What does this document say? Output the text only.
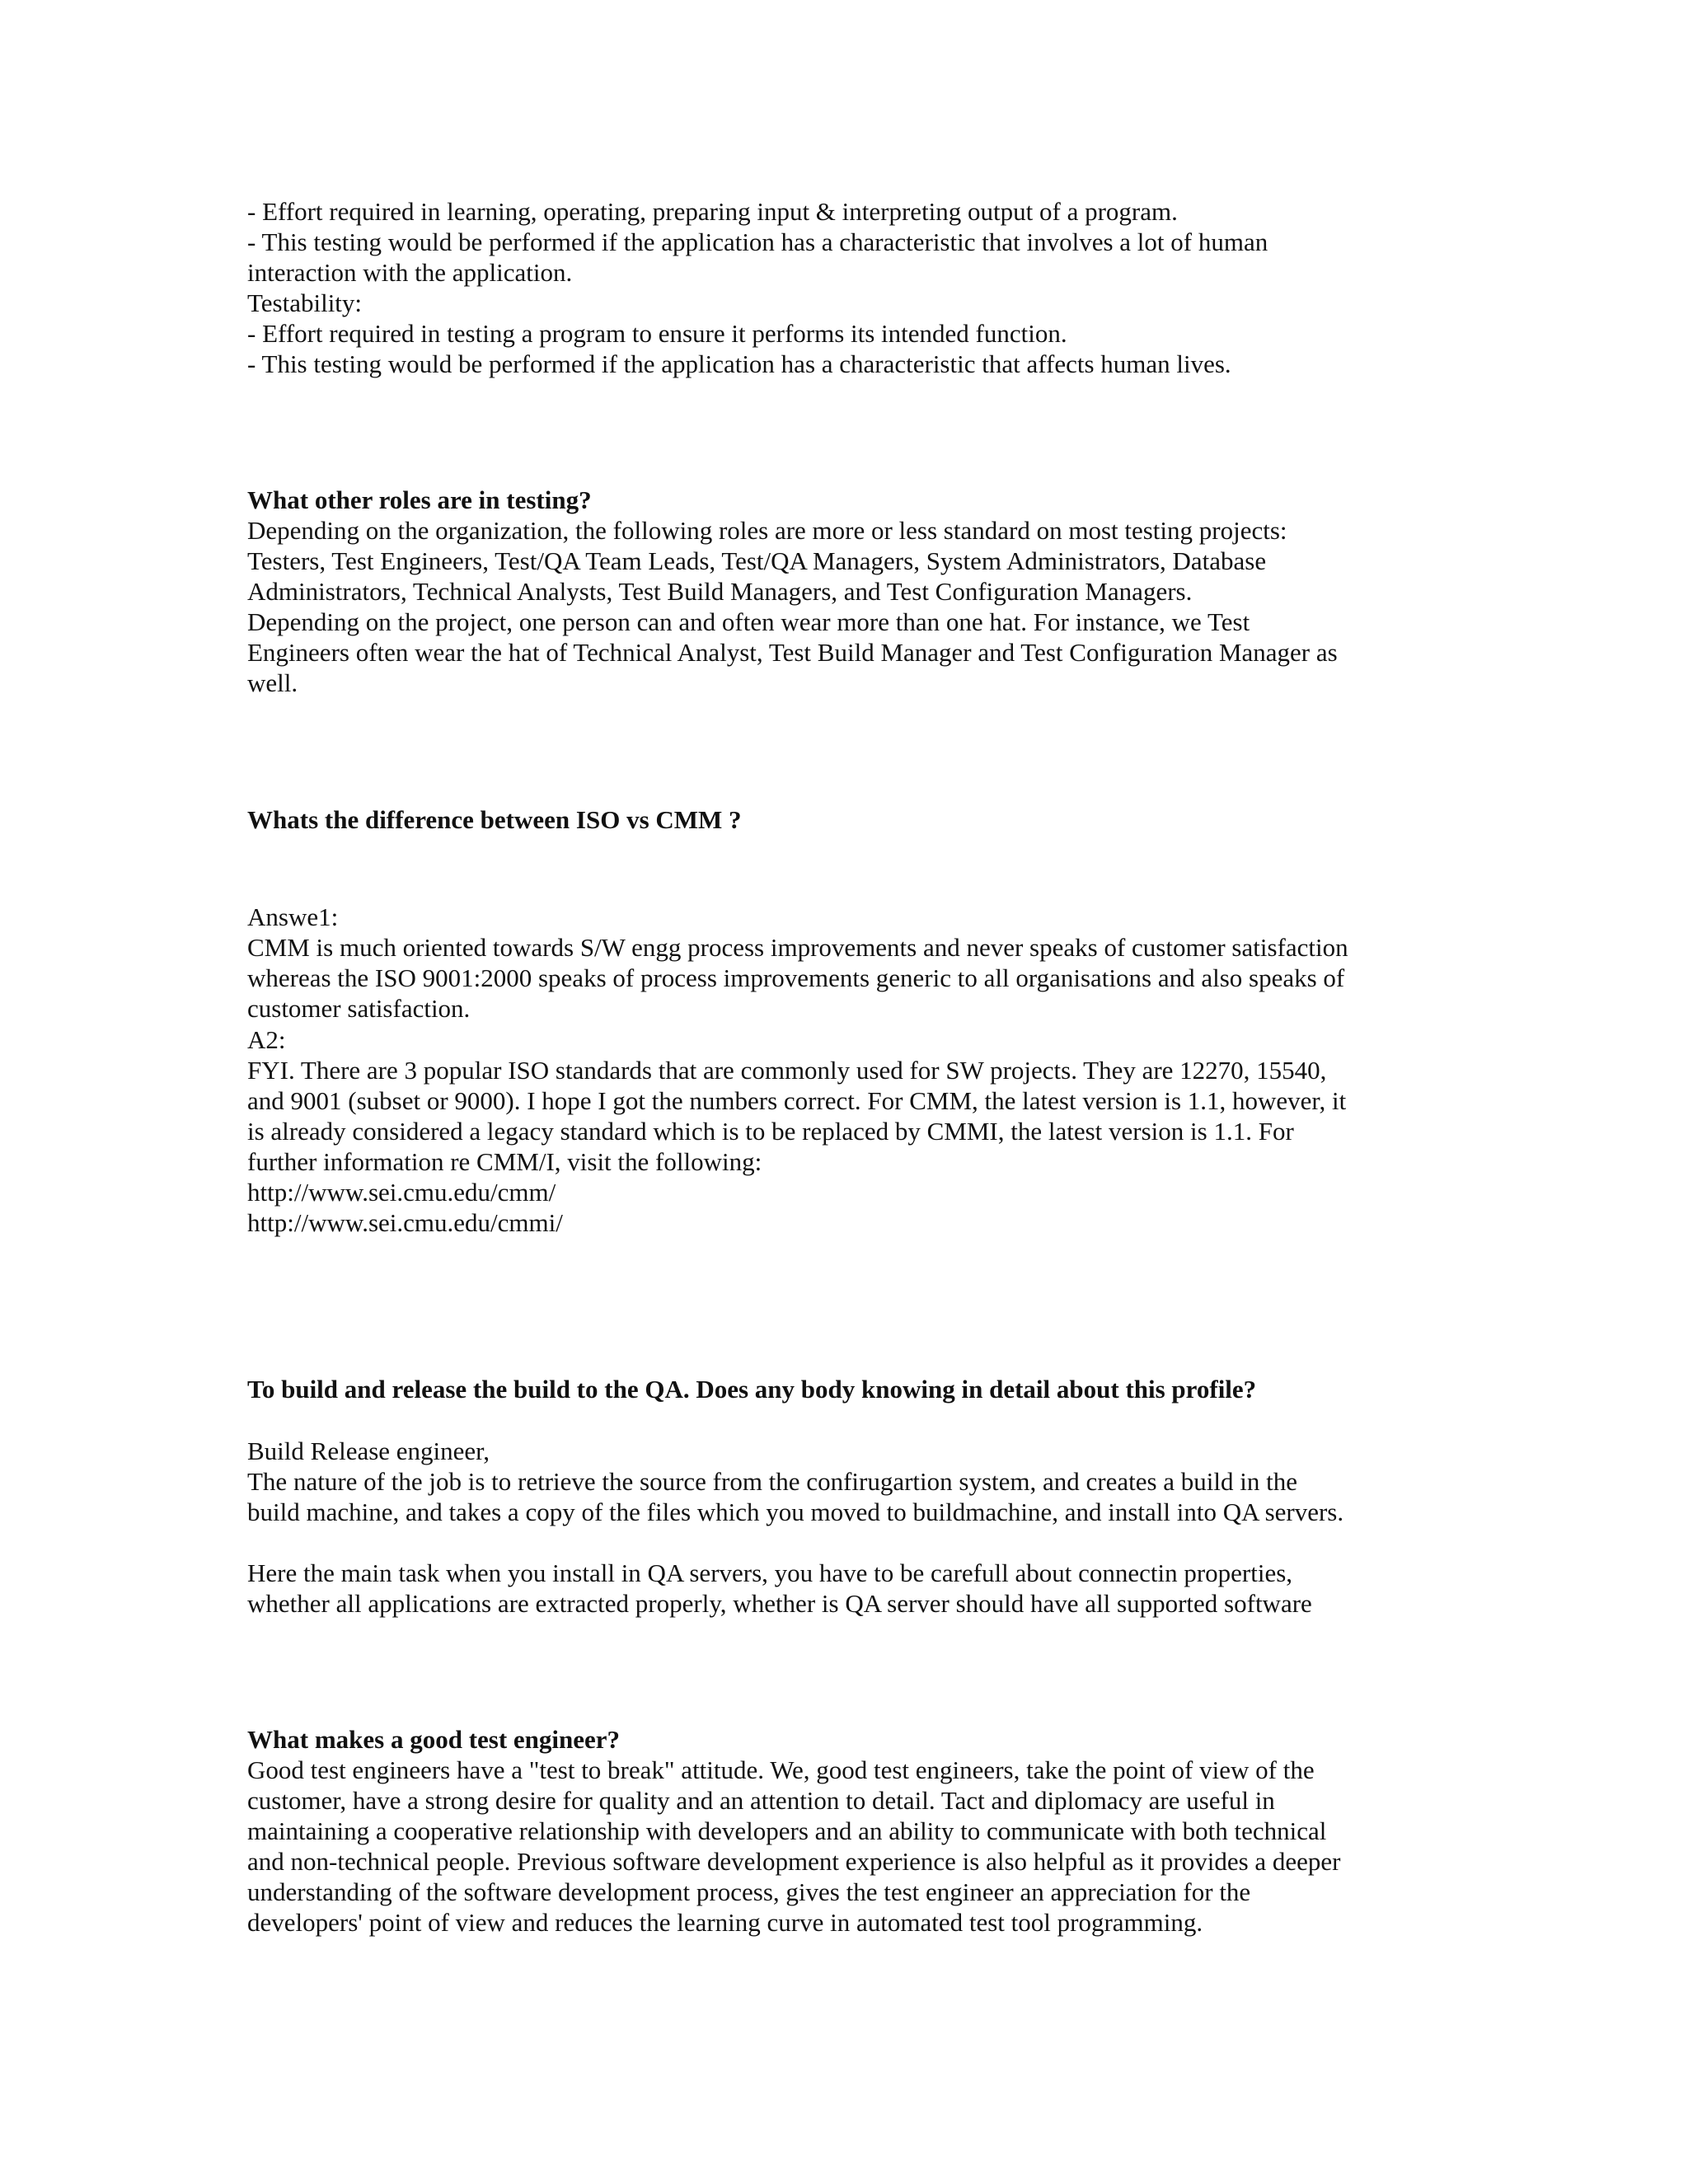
- Effort required in learning, operating, preparing input & interpreting output of a program.
- This testing would be performed if the application has a characteristic that involves a lot of human
interaction with the application.
Testability:
- Effort required in testing a program to ensure it performs its intended function.
- This testing would be performed if the application has a characteristic that affects human lives.
What other roles are in testing?
Depending on the organization, the following roles are more or less standard on most testing projects:
Testers, Test Engineers, Test/QA Team Leads, Test/QA Managers, System Administrators, Database
Administrators, Technical Analysts, Test Build Managers, and Test Configuration Managers.
Depending on the project, one person can and often wear more than one hat. For instance, we Test
Engineers often wear the hat of Technical Analyst, Test Build Manager and Test Configuration Manager as
well.
Whats the difference between ISO vs CMM ?
Answe1:
CMM is much oriented towards S/W engg process improvements and never speaks of customer satisfaction
whereas the ISO 9001:2000 speaks of process improvements generic to all organisations and also speaks of
customer satisfaction.
A2:
FYI. There are 3 popular ISO standards that are commonly used for SW projects. They are 12270, 15540,
and 9001 (subset or 9000). I hope I got the numbers correct. For CMM, the latest version is 1.1, however, it
is already considered a legacy standard which is to be replaced by CMMI, the latest version is 1.1. For
further information re CMM/I, visit the following:
http://www.sei.cmu.edu/cmm/
http://www.sei.cmu.edu/cmmi/
To build and release the build to the QA. Does any body knowing in detail about this profile?
Build Release engineer,
The nature of the job is to retrieve the source from the confirugartion system, and creates a build in the
build machine, and takes a copy of the files which you moved to buildmachine, and install into QA servers.
Here the main task when you install in QA servers, you have to be carefull about connectin properties,
whether all applications are extracted properly, whether is QA server should have all supported software
What makes a good test engineer?
Good test engineers have a "test to break" attitude. We, good test engineers, take the point of view of the
customer, have a strong desire for quality and an attention to detail. Tact and diplomacy are useful in
maintaining a cooperative relationship with developers and an ability to communicate with both technical
and non-technical people. Previous software development experience is also helpful as it provides a deeper
understanding of the software development process, gives the test engineer an appreciation for the
developers' point of view and reduces the learning curve in automated test tool programming.
